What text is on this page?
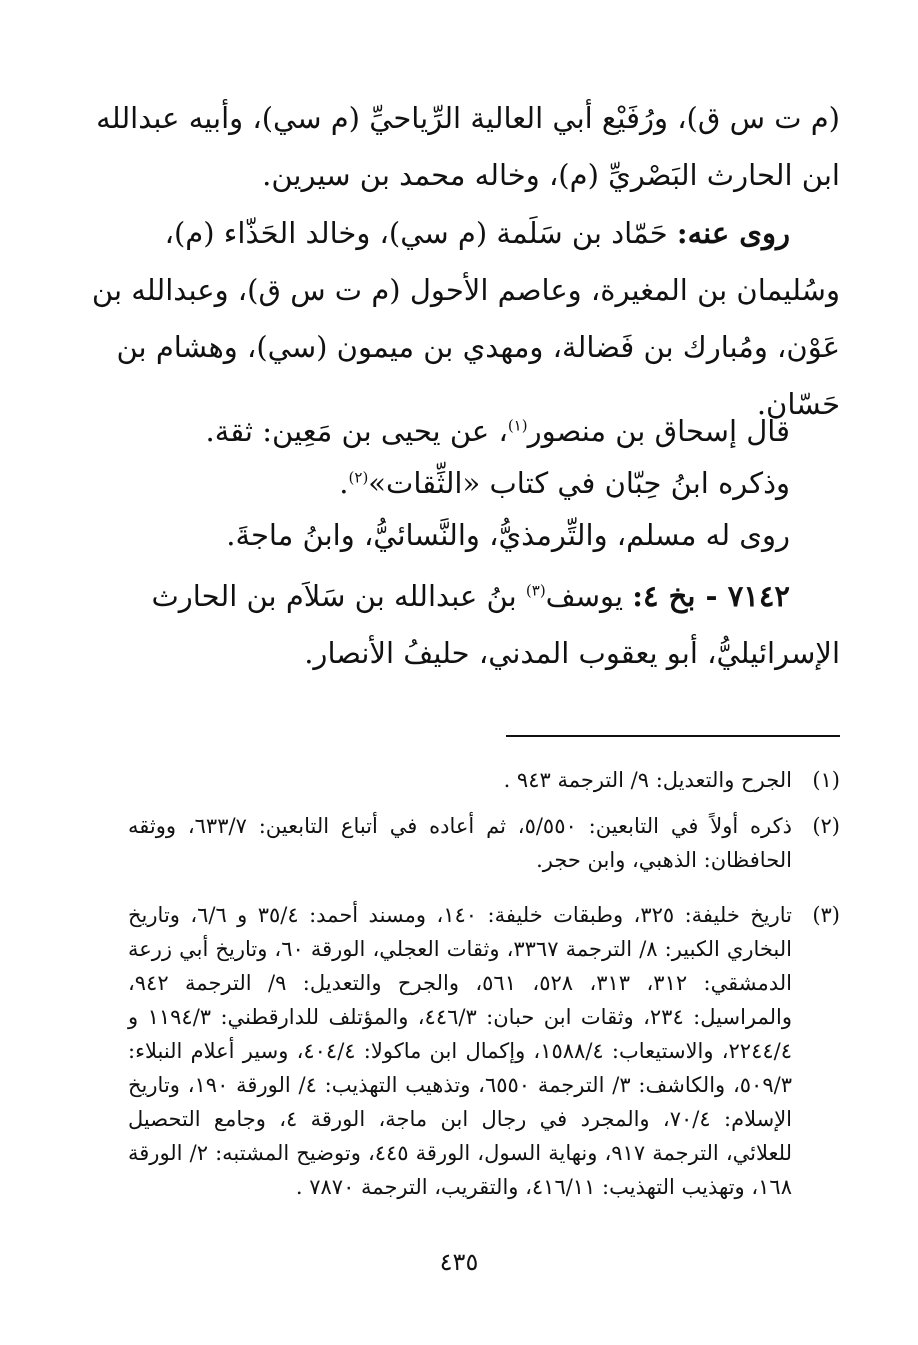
(م ت س ق)، ورُفَيْع أبي العالية الرِّياحيِّ (م سي)، وأبيه عبدالله
ابن الحارث البَصْريِّ (م)، وخاله محمد بن سيرين.
روى عنه: حَمّاد بن سَلَمة (م سي)، وخالد الحَذّاء (م)،
وسُليمان بن المغيرة، وعاصم الأحول (م ت س ق)، وعبدالله بن
عَوْن، ومُبارك بن فَضالة، ومهدي بن ميمون (سي)، وهشام بن
حَسّان.
قال إسحاق بن منصور$^{(١)}$، عن يحيى بن مَعِين: ثقة.
وذكره ابنُ حِبّان في كتاب «الثِّقات»$^{(٢)}$.
روى له مسلم، والتِّرمذيُّ، والنَّسائيُّ، وابنُ ماجةَ.
٧١٤٢ - بخ ٤: يوسف$^{(٣)}$ بنُ عبدالله بن سَلاَم بن الحارث
الإسرائيليُّ، أبو يعقوب المدني، حليفُ الأنصار.
(١)
الجرح والتعديل: ٩/ الترجمة ٩٤٣ .
(٢)
ذكره أولاً في التابعين: ٥/٥٥٠، ثم أعاده في أتباع التابعين: ٦٣٣/٧، ووثقه الحافظان: الذهبي، وابن حجر.
(٣)
تاريخ خليفة: ٣٢٥، وطبقات خليفة: ١٤٠، ومسند أحمد: ٣٥/٤ و ٦/٦، وتاريخ البخاري الكبير: ٨/ الترجمة ٣٣٦٧، وثقات العجلي، الورقة ٦٠، وتاريخ أبي زرعة الدمشقي: ٣١٢، ٣١٣، ٥٢٨، ٥٦١، والجرح والتعديل: ٩/ الترجمة ٩٤٢، والمراسيل: ٢٣٤، وثقات ابن حبان: ٤٤٦/٣، والمؤتلف للدارقطني: ١١٩٤/٣ و ٢٢٤٤/٤، والاستيعاب: ١٥٨٨/٤، وإكمال ابن ماكولا: ٤٠٤/٤، وسير أعلام النبلاء: ٥٠٩/٣، والكاشف: ٣/ الترجمة ٦٥٥٠، وتذهيب التهذيب: ٤/ الورقة ١٩٠، وتاريخ الإسلام: ٧٠/٤، والمجرد في رجال ابن ماجة، الورقة ٤، وجامع التحصيل للعلائي، الترجمة ٩١٧، ونهاية السول، الورقة ٤٤٥، وتوضيح المشتبه: ٢/ الورقة ١٦٨، وتهذيب التهذيب: ٤١٦/١١، والتقريب، الترجمة ٧٨٧٠ .
٤٣٥
